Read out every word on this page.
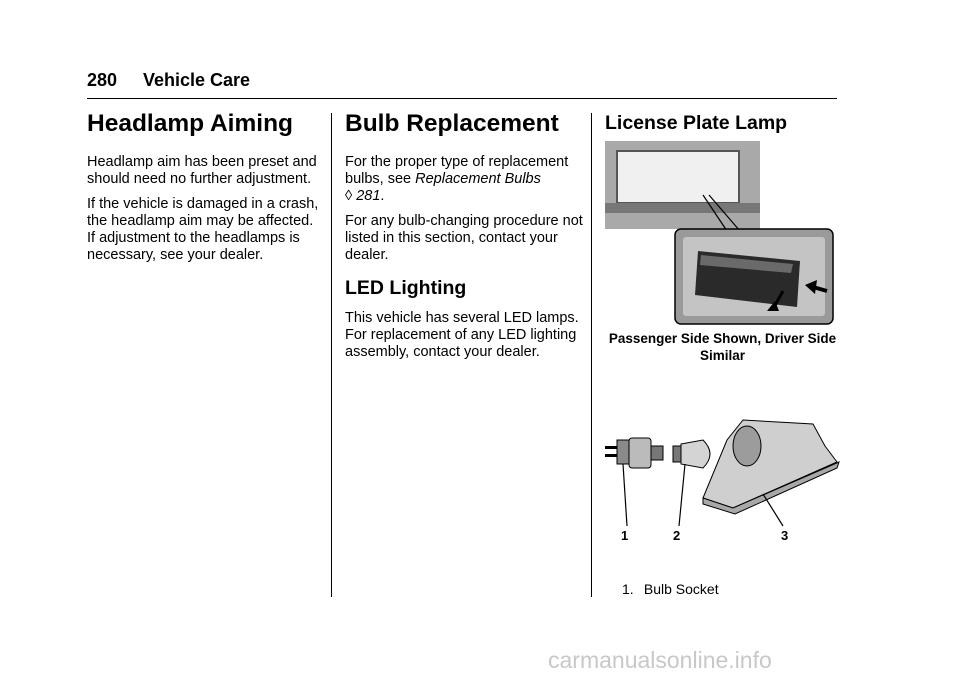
280 Vehicle Care
Headlamp Aiming

Headlamp aim has been preset and should need no further adjustment.

If the vehicle is damaged in a crash, the headlamp aim may be affected. If adjustment to the headlamps is necessary, see your dealer.

Bulb Replacement

For the proper type of replacement bulbs, see Replacement Bulbs
◊ 281.

For any bulb-changing procedure not listed in this section, contact your dealer.

LED Lighting

This vehicle has several LED lamps. For replacement of any LED lighting assembly, contact your dealer.

License Plate Lamp
Passenger Side Shown, Driver Side Similar
1	2	3
1. Bulb Socket
carmanualsonline.info
